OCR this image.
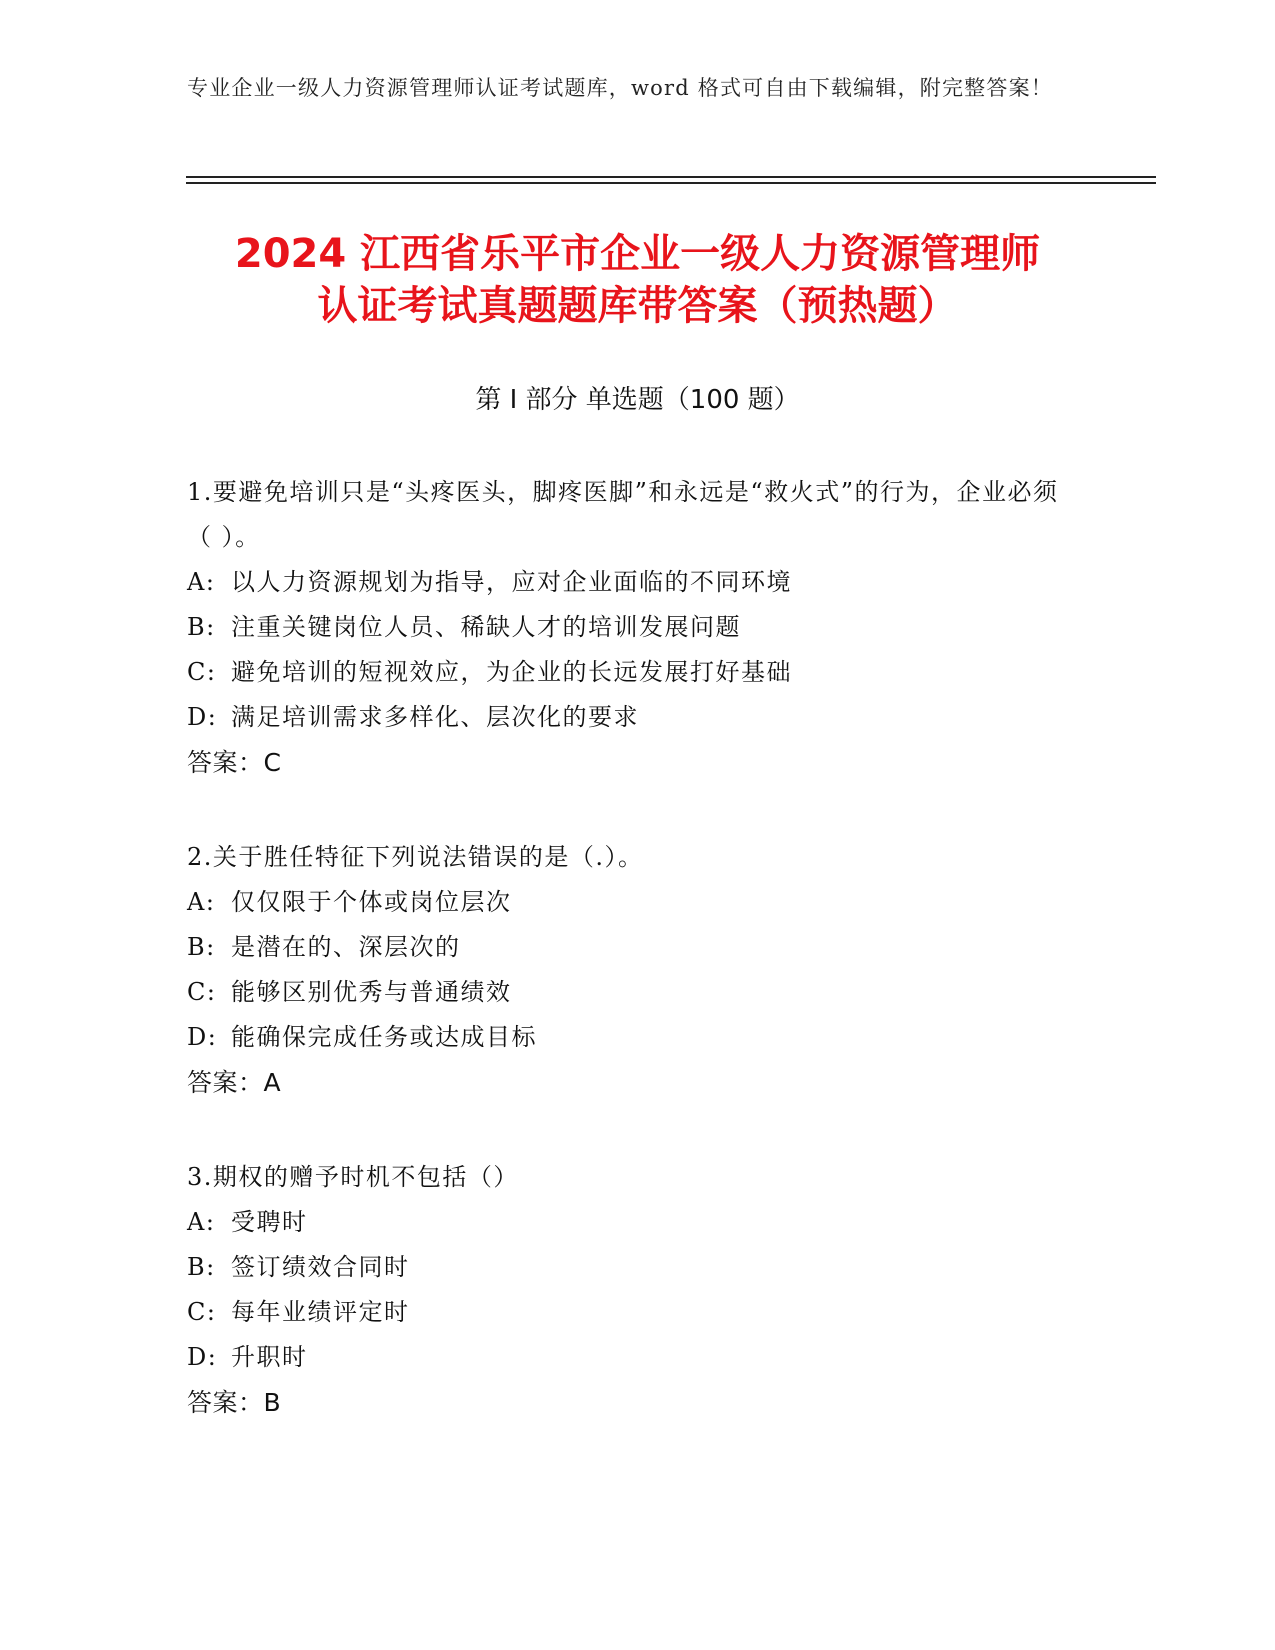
专业企业一级人力资源管理师认证考试题库，word 格式可自由下载编辑，附完整答案！
2024 江西省乐平市企业一级人力资源管理师
认证考试真题题库带答案（预热题）
第 I 部分 单选题（100 题）

1.要避免培训只是“头疼医头，脚疼医脚”和永远是“救火式”的行为，企业必须（ ）。

A: 以人力资源规划为指导，应对企业面临的不同环境

B: 注重关键岗位人员、稀缺人才的培训发展问题

C: 避免培训的短视效应，为企业的长远发展打好基础

D: 满足培训需求多样化、层次化的要求

答案：C

2.关于胜任特征下列说法错误的是（.）。

A: 仅仅限于个体或岗位层次

B: 是潜在的、深层次的

C: 能够区别优秀与普通绩效

D: 能确保完成任务或达成目标

答案：A

3.期权的赠予时机不包括（）

A: 受聘时

B: 签订绩效合同时

C: 每年业绩评定时

D: 升职时

答案：B
